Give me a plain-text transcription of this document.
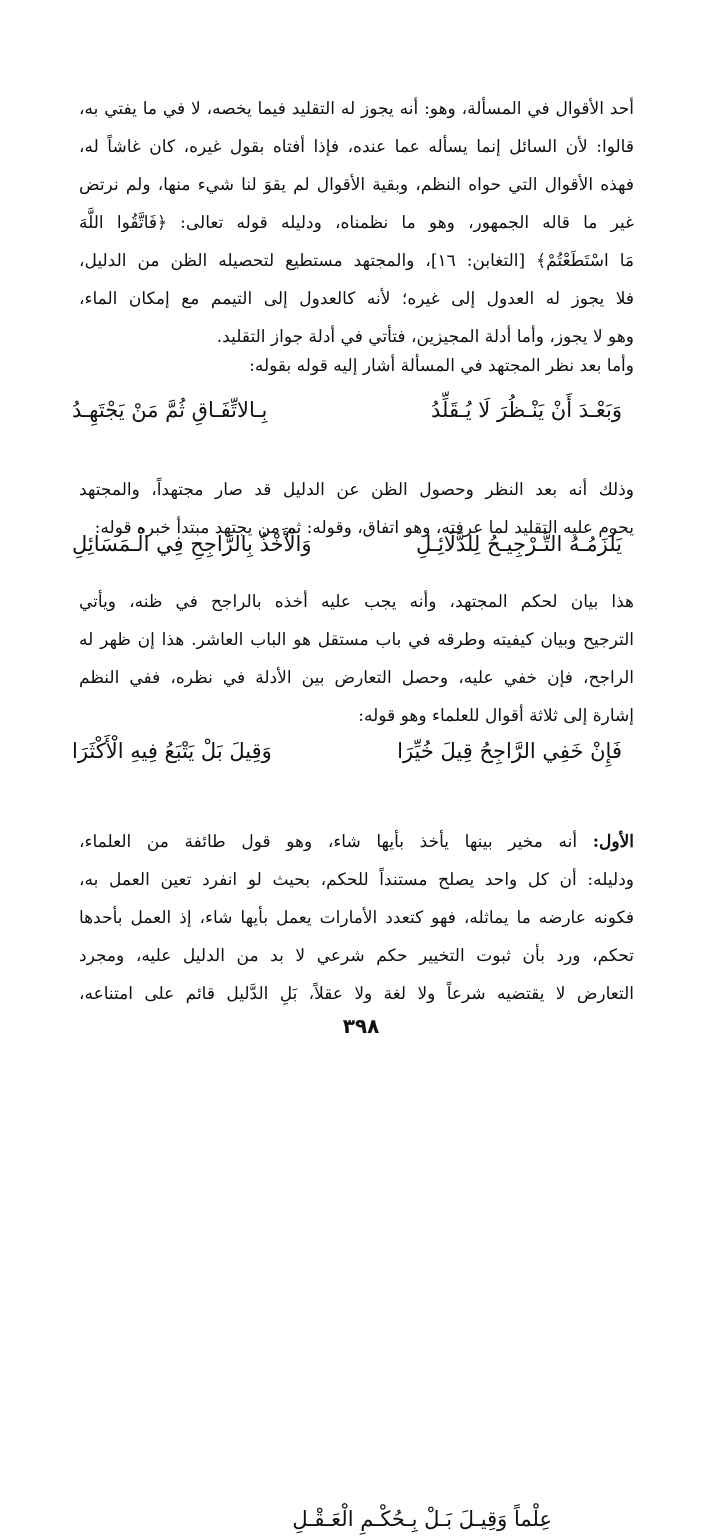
أحد الأقوال في المسألة، وهو: أنه يجوز له التقليد فيما يخصه، لا في ما يفتي به،
قالوا: لأن السائل إنما يسأله عما عنده، فإذا أفتاه بقول غيره، كان غاشاً له،
فهذه الأقوال التي حواه النظم، وبقية الأقوال لم يقوَ لنا شيء منها، ولم نرتض
غير ما قاله الجمهور، وهو ما نظمناه، ودليله قوله تعالى: ﴿فَاتَّقُوا اللَّهَ
مَا اسْتَطَعْتُمْ﴾ [التغابن: ١٦]، والمجتهد مستطيع لتحصيله الظن من الدليل،
فلا يجوز له العدول إلى غيره؛ لأنه كالعدول إلى التيمم مع إمكان الماء،
وهو لا يجوز، وأما أدلة المجيزين، فتأتي في أدلة جواز التقليد.
وأما بعد نظر المجتهد في المسألة أشار إليه قوله بقوله:
وَبَعْـدَ أَنْ يَنْـظُرَ لَا يُـقَلِّدُ
بِـالاتِّفَـاقِ ثُمَّ مَنْ يَجْتَهِـدُ
وذلك أنه بعد النظر وحصول الظن عن الدليل قد صار مجتهداً، والمجتهد
يحرم عليه التقليد لما عرفته، وهو اتفاق، وقوله: ثم من يجتهد مبتدأ خبره قوله:
يَلْزَمُـهُ التَّـرْجِيـحُ لِلدَّلَائِـلِ
وَالْأَخْذُ بِالرَّاجِحِ فِي الْـمَسَائِلِ
هذا بيان لحكم المجتهد، وأنه يجب عليه أخذه بالراجح في ظنه، ويأتي
الترجيح وبيان كيفيته وطرقه في باب مستقل هو الباب العاشر. هذا إن ظهر له
الراجح، فإن خفي عليه، وحصل التعارض بين الأدلة في نظره، ففي النظم
إشارة إلى ثلاثة أقوال للعلماء وهو قوله:
فَإِنْ خَفِي الرَّاجِحُ قِيلَ خُيِّرَا
وَقِيلَ بَلْ يَتْبَعُ فِيهِ الْأَكْثَرَا
عِلْماً وَقِيـلَ بَـلْ بِـحُكْـمِ الْعَـقْـلِ
الأول: أنه مخير بينها يأخذ بأيها شاء، وهو قول طائفة من العلماء،
ودليله: أن كل واحد يصلح مستنداً للحكم، بحيث لو انفرد تعين العمل به،
فكونه عارضه ما يماثله، فهو كتعدد الأمارات يعمل بأيها شاء، إذ العمل بأحدها
تحكم، ورد بأن ثبوت التخيير حكم شرعي لا بد من الدليل عليه، ومجرد
التعارض لا يقتضيه شرعاً ولا لغة ولا عقلاً، بَلِ الدَّليل قائم على امتناعه،
٣٩٨
